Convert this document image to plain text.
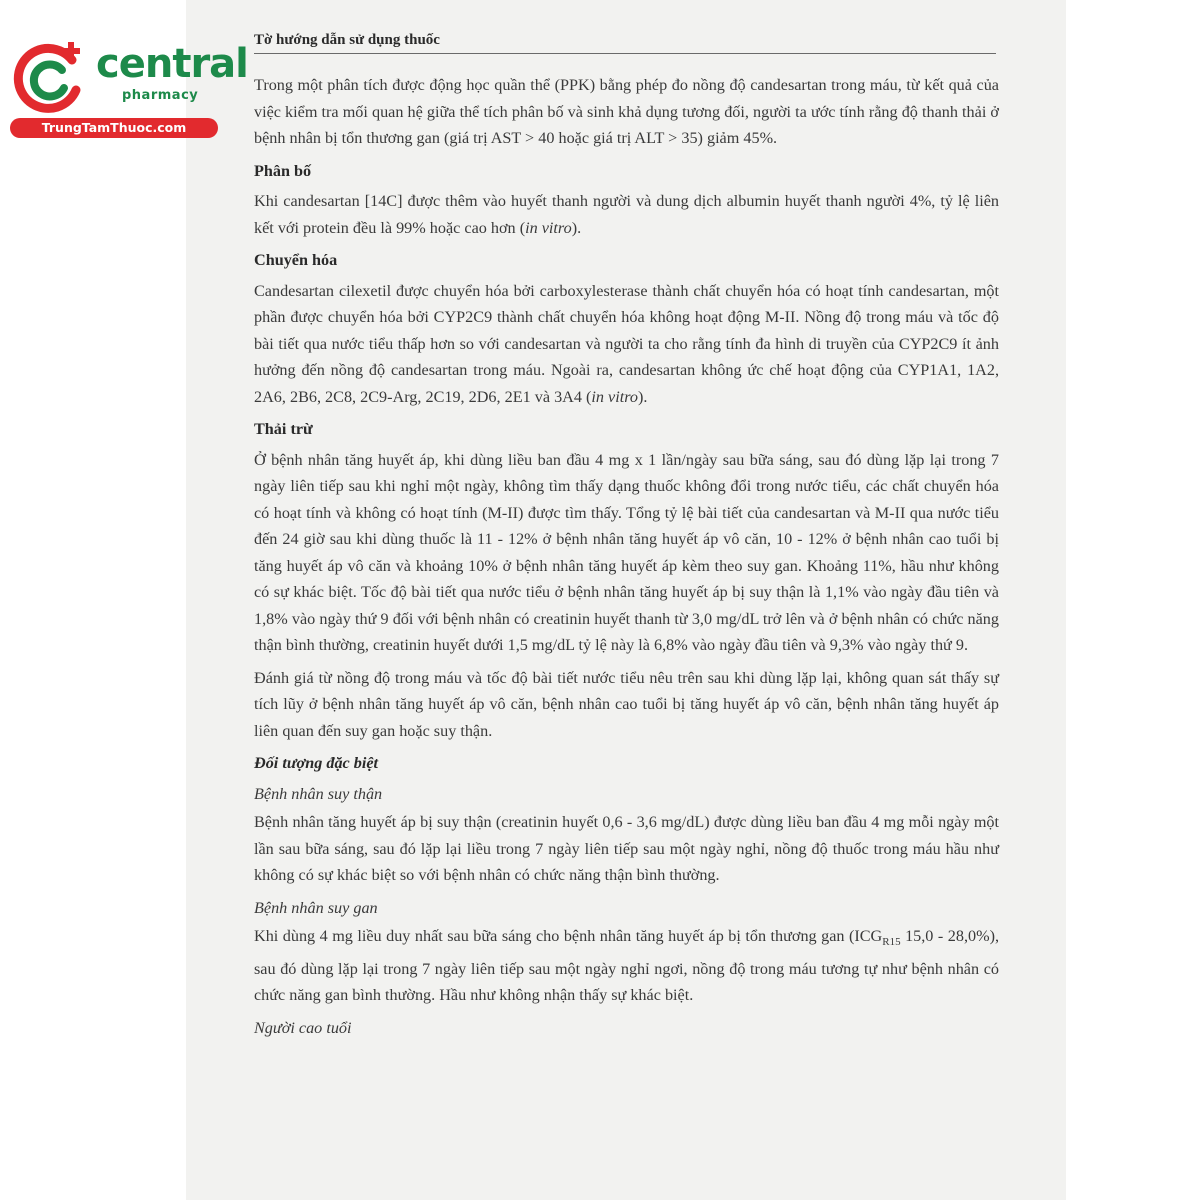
central
pharmacy
TrungTamThuoc.com
Tờ hướng dẫn sử dụng thuốc

Trong một phân tích được động học quần thể (PPK) bằng phép đo nồng độ candesartan trong máu, từ kết quả của việc kiểm tra mối quan hệ giữa thể tích phân bố và sinh khả dụng tương đối, người ta ước tính rằng độ thanh thải ở bệnh nhân bị tổn thương gan (giá trị AST > 40 hoặc giá trị ALT > 35) giảm 45%.

Phân bố

Khi candesartan [14C] được thêm vào huyết thanh người và dung dịch albumin huyết thanh người 4%, tỷ lệ liên kết với protein đều là 99% hoặc cao hơn (in vitro).

Chuyển hóa

Candesartan cilexetil được chuyển hóa bởi carboxylesterase thành chất chuyển hóa có hoạt tính candesartan, một phần được chuyển hóa bởi CYP2C9 thành chất chuyển hóa không hoạt động M-II. Nồng độ trong máu và tốc độ bài tiết qua nước tiểu thấp hơn so với candesartan và người ta cho rằng tính đa hình di truyền của CYP2C9 ít ảnh hưởng đến nồng độ candesartan trong máu. Ngoài ra, candesartan không ức chế hoạt động của CYP1A1, 1A2, 2A6, 2B6, 2C8, 2C9-Arg, 2C19, 2D6, 2E1 và 3A4 (in vitro).

Thải trừ

Ở bệnh nhân tăng huyết áp, khi dùng liều ban đầu 4 mg x 1 lần/ngày sau bữa sáng, sau đó dùng lặp lại trong 7 ngày liên tiếp sau khi nghỉ một ngày, không tìm thấy dạng thuốc không đổi trong nước tiểu, các chất chuyển hóa có hoạt tính và không có hoạt tính (M-II) được tìm thấy. Tổng tỷ lệ bài tiết của candesartan và M-II qua nước tiểu đến 24 giờ sau khi dùng thuốc là 11 - 12% ở bệnh nhân tăng huyết áp vô căn, 10 - 12% ở bệnh nhân cao tuổi bị tăng huyết áp vô căn và khoảng 10% ở bệnh nhân tăng huyết áp kèm theo suy gan. Khoảng 11%, hầu như không có sự khác biệt. Tốc độ bài tiết qua nước tiểu ở bệnh nhân tăng huyết áp bị suy thận là 1,1% vào ngày đầu tiên và 1,8% vào ngày thứ 9 đối với bệnh nhân có creatinin huyết thanh từ 3,0 mg/dL trở lên và ở bệnh nhân có chức năng thận bình thường, creatinin huyết dưới 1,5 mg/dL tỷ lệ này là 6,8% vào ngày đầu tiên và 9,3% vào ngày thứ 9.

Đánh giá từ nồng độ trong máu và tốc độ bài tiết nước tiểu nêu trên sau khi dùng lặp lại, không quan sát thấy sự tích lũy ở bệnh nhân tăng huyết áp vô căn, bệnh nhân cao tuổi bị tăng huyết áp vô căn, bệnh nhân tăng huyết áp liên quan đến suy gan hoặc suy thận.

Đối tượng đặc biệt
Bệnh nhân suy thận

Bệnh nhân tăng huyết áp bị suy thận (creatinin huyết 0,6 - 3,6 mg/dL) được dùng liều ban đầu 4 mg mỗi ngày một lần sau bữa sáng, sau đó lặp lại liều trong 7 ngày liên tiếp sau một ngày nghỉ, nồng độ thuốc trong máu hầu như không có sự khác biệt so với bệnh nhân có chức năng thận bình thường.

Bệnh nhân suy gan

Khi dùng 4 mg liều duy nhất sau bữa sáng cho bệnh nhân tăng huyết áp bị tổn thương gan ($ICG_{R15}$ 15,0 - 28,0%), sau đó dùng lặp lại trong 7 ngày liên tiếp sau một ngày nghỉ ngơi, nồng độ trong máu tương tự như bệnh nhân có chức năng gan bình thường. Hầu như không nhận thấy sự khác biệt.

Người cao tuổi
